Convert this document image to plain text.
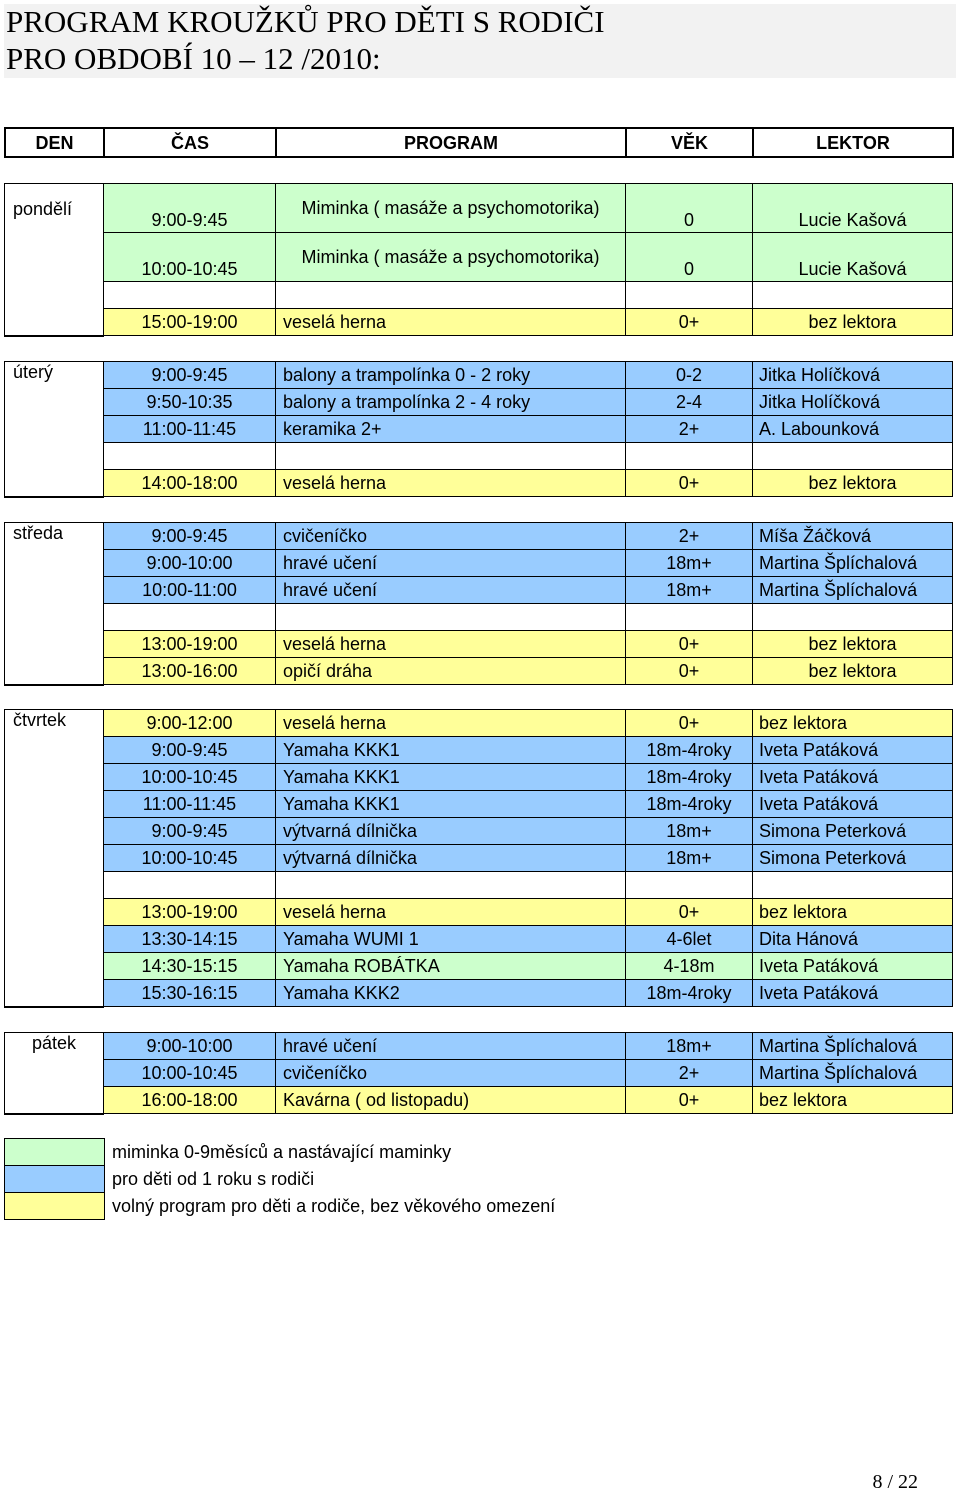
PROGRAM KROUŽKŮ PRO DĚTI S RODIČI
PRO OBDOBÍ 10 – 12 /2010:
DEN	ČAS	PROGRAM	VĚK	LEKTOR
pondělí	9:00-9:45	Miminka ( masáže a psychomotorika)	0	Lucie Kašová
	10:00-10:45	Miminka ( masáže a psychomotorika)	0	Lucie Kašová

	15:00-19:00	veselá herna	0+	bez lektora
úterý	9:00-9:45	balony a trampolínka 0 - 2 roky	0-2	Jitka Holíčková
	9:50-10:35	balony a trampolínka 2 - 4 roky	2-4	Jitka Holíčková
	11:00-11:45	keramika 2+	2+	A. Labounková

	14:00-18:00	veselá herna	0+	bez lektora
středa	9:00-9:45	cvičeníčko	2+	Míša Žáčková
	9:00-10:00	hravé učení	18m+	Martina Šplíchalová
	10:00-11:00	hravé učení	18m+	Martina Šplíchalová

	13:00-19:00	veselá herna	0+	bez lektora
	13:00-16:00	opičí dráha	0+	bez lektora
čtvrtek	9:00-12:00	veselá herna	0+	bez lektora
	9:00-9:45	Yamaha KKK1	18m-4roky	Iveta Patáková
	10:00-10:45	Yamaha KKK1	18m-4roky	Iveta Patáková
	11:00-11:45	Yamaha KKK1	18m-4roky	Iveta Patáková
	9:00-9:45	výtvarná dílnička	18m+	Simona Peterková
	10:00-10:45	výtvarná dílnička	18m+	Simona Peterková

	13:00-19:00	veselá herna	0+	bez lektora
	13:30-14:15	Yamaha WUMI 1	4-6let	Dita Hánová
	14:30-15:15	Yamaha ROBÁTKA	4-18m	Iveta Patáková
	15:30-16:15	Yamaha KKK2	18m-4roky	Iveta Patáková
pátek	9:00-10:00	hravé učení	18m+	Martina Šplíchalová
	10:00-10:45	cvičeníčko	2+	Martina Šplíchalová
	16:00-18:00	Kavárna ( od listopadu)	0+	bez lektora
	miminka 0-9měsíců a nastávající maminky
	pro děti od 1 roku s rodiči
	volný program pro děti a rodiče, bez věkového omezení
8 / 22
